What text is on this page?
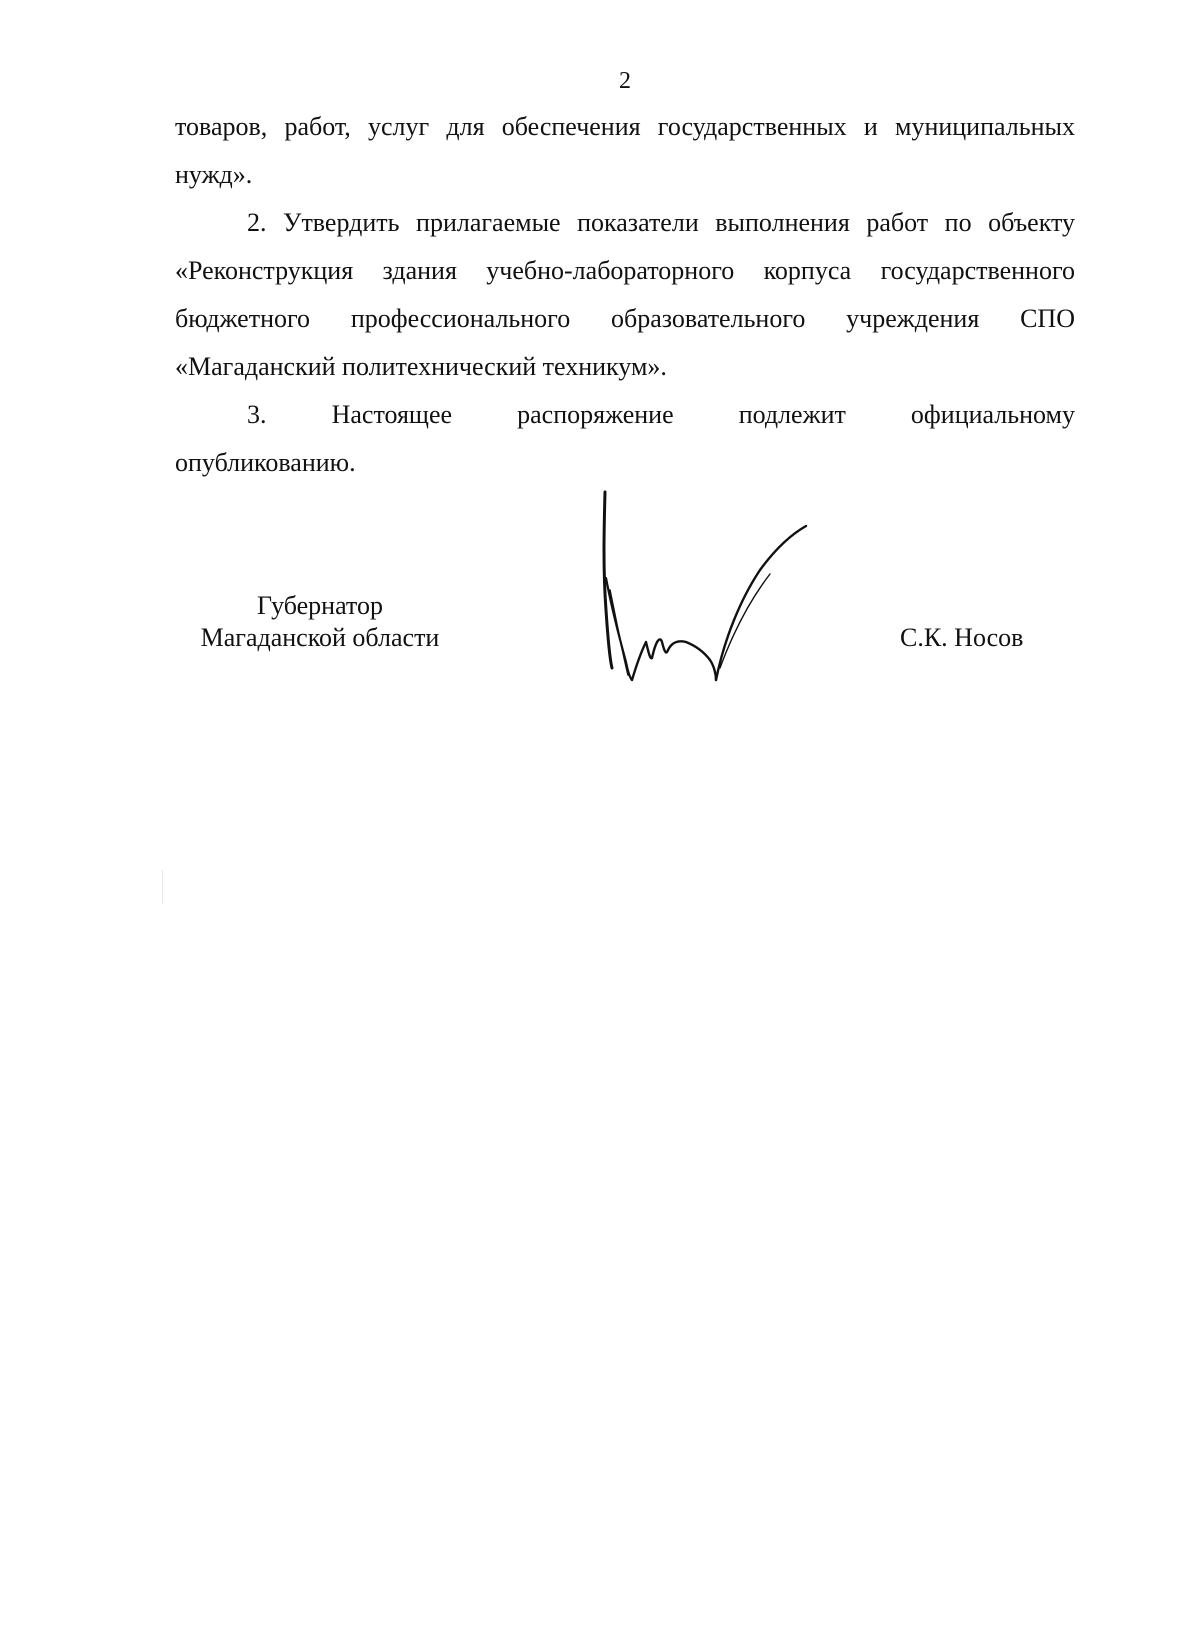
2
товаров, работ, услуг для обеспечения государственных и муниципальных
нужд».
2. Утвердить прилагаемые показатели выполнения работ по объекту
«Реконструкция здания учебно-лабораторного корпуса государственного
бюджетного профессионального образовательного учреждения СПО
«Магаданский политехнический техникум».
3. Настоящее распоряжение подлежит официальному
опубликованию.
Губернатор
Магаданской области	С.К. Носов
